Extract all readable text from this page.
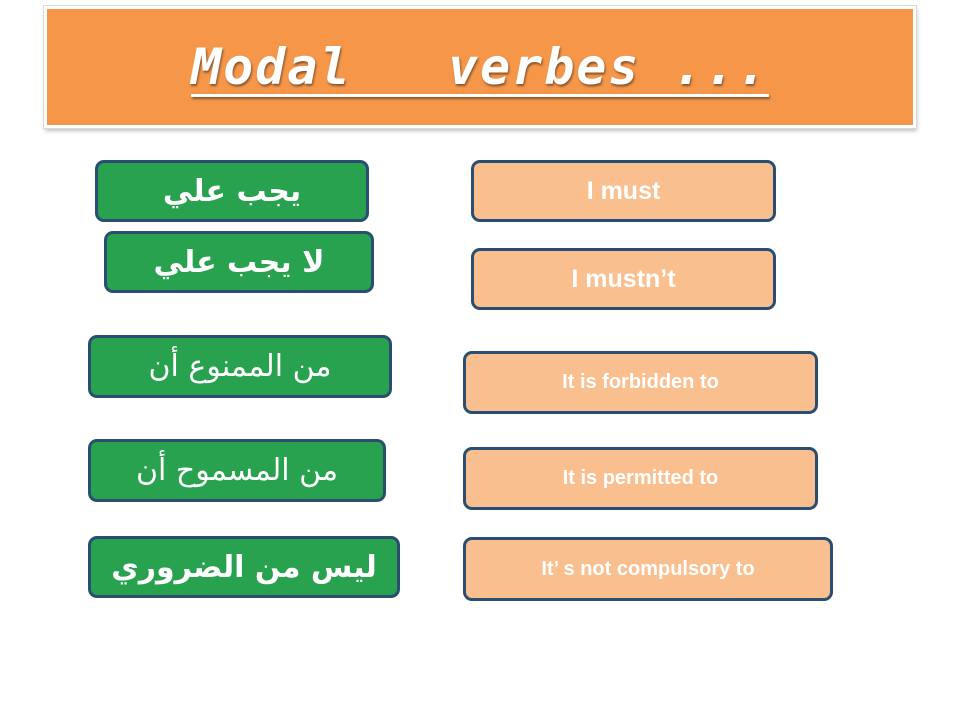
Modal   verbes ...
يجب علي
لا يجب علي
من الممنوع أن
من المسموح أن
ليس من الضروري
I must
I mustn’t
It is forbidden to
It is permitted to
It’ s not compulsory to
